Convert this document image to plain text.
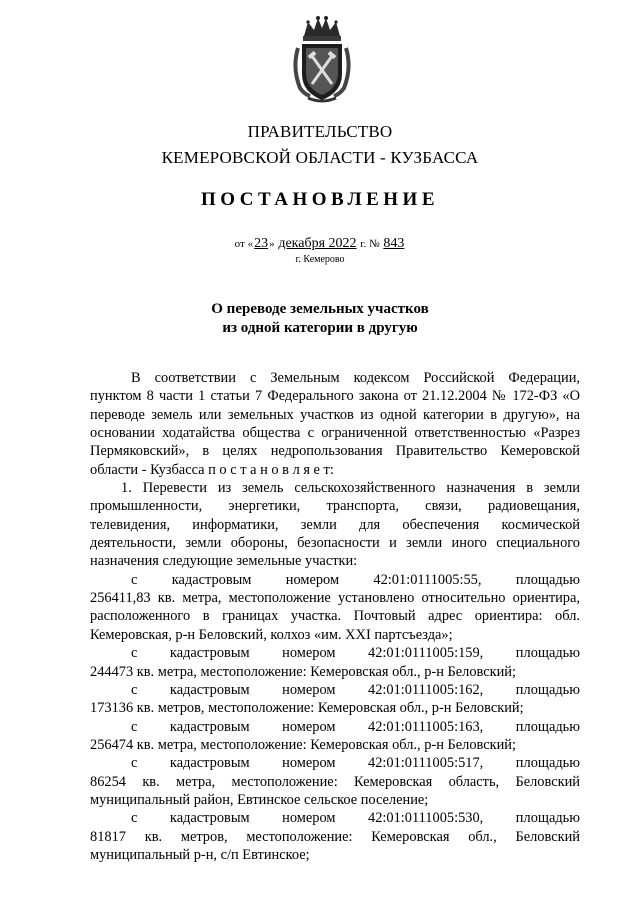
ПРАВИТЕЛЬСТВО
КЕМЕРОВСКОЙ ОБЛАСТИ - КУЗБАССА
ПОСТАНОВЛЕНИЕ
от «23» декабря 2022 г. № 843
г. Кемерово
О переводе земельных участков
из одной категории в другую
В соответствии с Земельным кодексом Российской Федерации,
пунктом 8 части 1 статьи 7 Федерального закона от 21.12.2004 № 172-ФЗ «О
переводе земель или земельных участков из одной категории в другую», на
основании ходатайства общества с ограниченной ответственностью «Разрез
Пермяковский», в целях недропользования Правительство Кемеровской
области - Кузбасса п о с т а н о в л я е т:
1. Перевести из земель сельскохозяйственного назначения в земли
промышленности, энергетики, транспорта, связи, радиовещания,
телевидения, информатики, земли для обеспечения космической
деятельности, земли обороны, безопасности и земли иного специального
назначения следующие земельные участки:
с кадастровым номером 42:01:0111005:55, площадью
256411,83 кв. метра, местоположение установлено относительно ориентира,
расположенного в границах участка. Почтовый адрес ориентира: обл.
Кемеровская, р-н Беловский, колхоз «им. XXI партсъезда»;
с кадастровым номером 42:01:0111005:159, площадью
244473 кв. метра, местоположение: Кемеровская обл., р-н Беловский;
с кадастровым номером 42:01:0111005:162, площадью
173136 кв. метров, местоположение: Кемеровская обл., р-н Беловский;
с кадастровым номером 42:01:0111005:163, площадью
256474 кв. метра, местоположение: Кемеровская обл., р-н Беловский;
с кадастровым номером 42:01:0111005:517, площадью
86254 кв. метра, местоположение: Кемеровская область, Беловский
муниципальный район, Евтинское сельское поселение;
с кадастровым номером 42:01:0111005:530, площадью
81817 кв. метров, местоположение: Кемеровская обл., Беловский
муниципальный р-н, с/п Евтинское;
